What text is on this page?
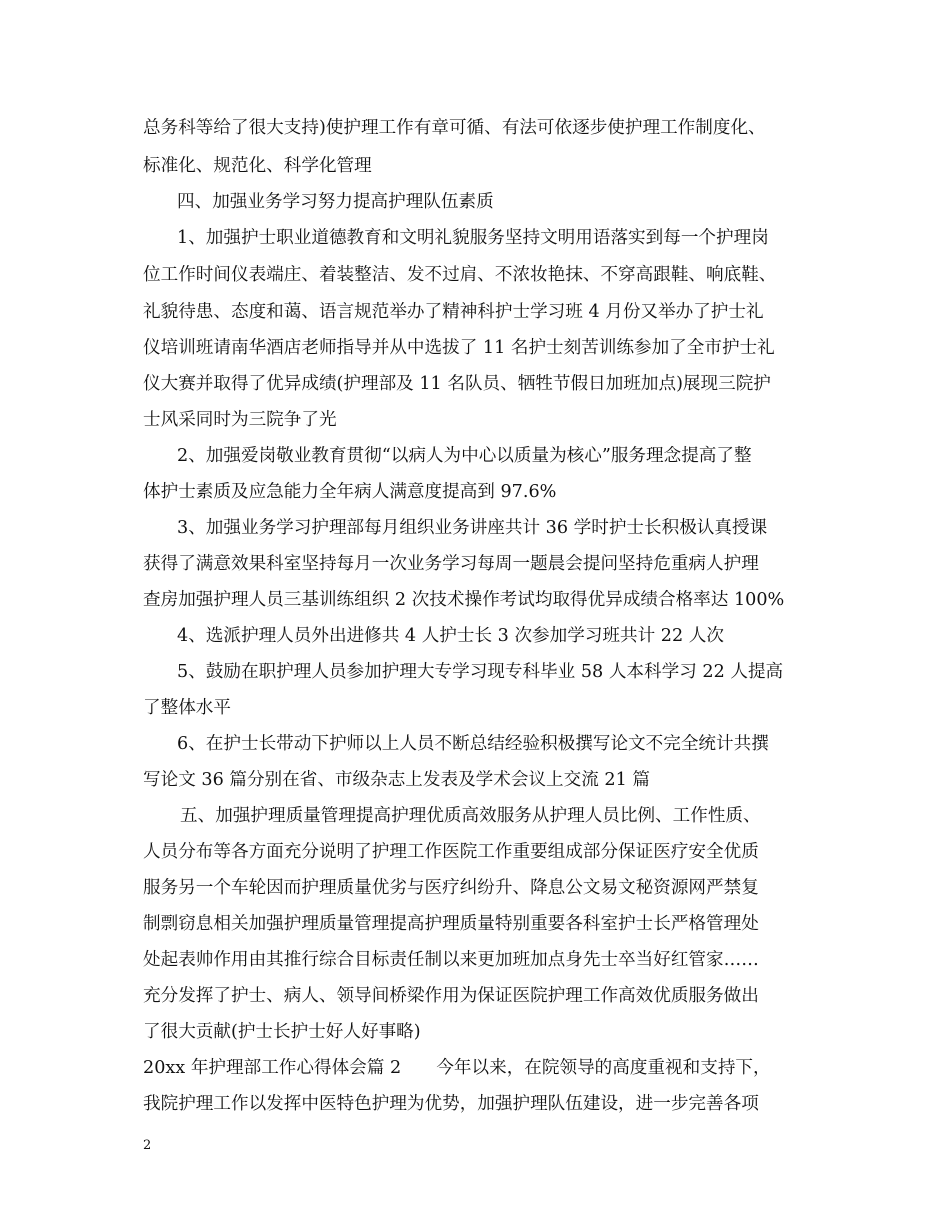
总务科等给了很大支持)使护理工作有章可循、有法可依逐步使护理工作制度化、
标准化、规范化、科学化管理
四、加强业务学习努力提高护理队伍素质
1、加强护士职业道德教育和文明礼貌服务坚持文明用语落实到每一个护理岗
位工作时间仪表端庄、着装整洁、发不过肩、不浓妆艳抹、不穿高跟鞋、响底鞋、
礼貌待患、态度和蔼、语言规范举办了精神科护士学习班 4 月份又举办了护士礼
仪培训班请南华酒店老师指导并从中选拔了 11 名护士刻苦训练参加了全市护士礼
仪大赛并取得了优异成绩(护理部及 11 名队员、牺牲节假日加班加点)展现三院护
士风采同时为三院争了光
2、加强爱岗敬业教育贯彻“以病人为中心以质量为核心”服务理念提高了整
体护士素质及应急能力全年病人满意度提高到 97.6%
3、加强业务学习护理部每月组织业务讲座共计 36 学时护士长积极认真授课
获得了满意效果科室坚持每月一次业务学习每周一题晨会提问坚持危重病人护理
查房加强护理人员三基训练组织 2 次技术操作考试均取得优异成绩合格率达 100%
4、选派护理人员外出进修共 4 人护士长 3 次参加学习班共计 22 人次
5、鼓励在职护理人员参加护理大专学习现专科毕业 58 人本科学习 22 人提高
了整体水平
6、在护士长带动下护师以上人员不断总结经验积极撰写论文不完全统计共撰
写论文 36 篇分别在省、市级杂志上发表及学术会议上交流 21 篇
五、加强护理质量管理提高护理优质高效服务从护理人员比例、工作性质、
人员分布等各方面充分说明了护理工作医院工作重要组成部分保证医疗安全优质
服务另一个车轮因而护理质量优劣与医疗纠纷升、降息公文易文秘资源网严禁复
制剽窃息相关加强护理质量管理提高护理质量特别重要各科室护士长严格管理处
处起表帅作用由其推行综合目标责任制以来更加班加点身先士卒当好红管家……
充分发挥了护士、病人、领导间桥梁作用为保证医院护理工作高效优质服务做出
了很大贡献(护士长护士好人好事略)
20xx 年护理部工作心得体会篇 2　　今年以来，在院领导的高度重视和支持下，
我院护理工作以发挥中医特色护理为优势，加强护理队伍建设，进一步完善各项
2
